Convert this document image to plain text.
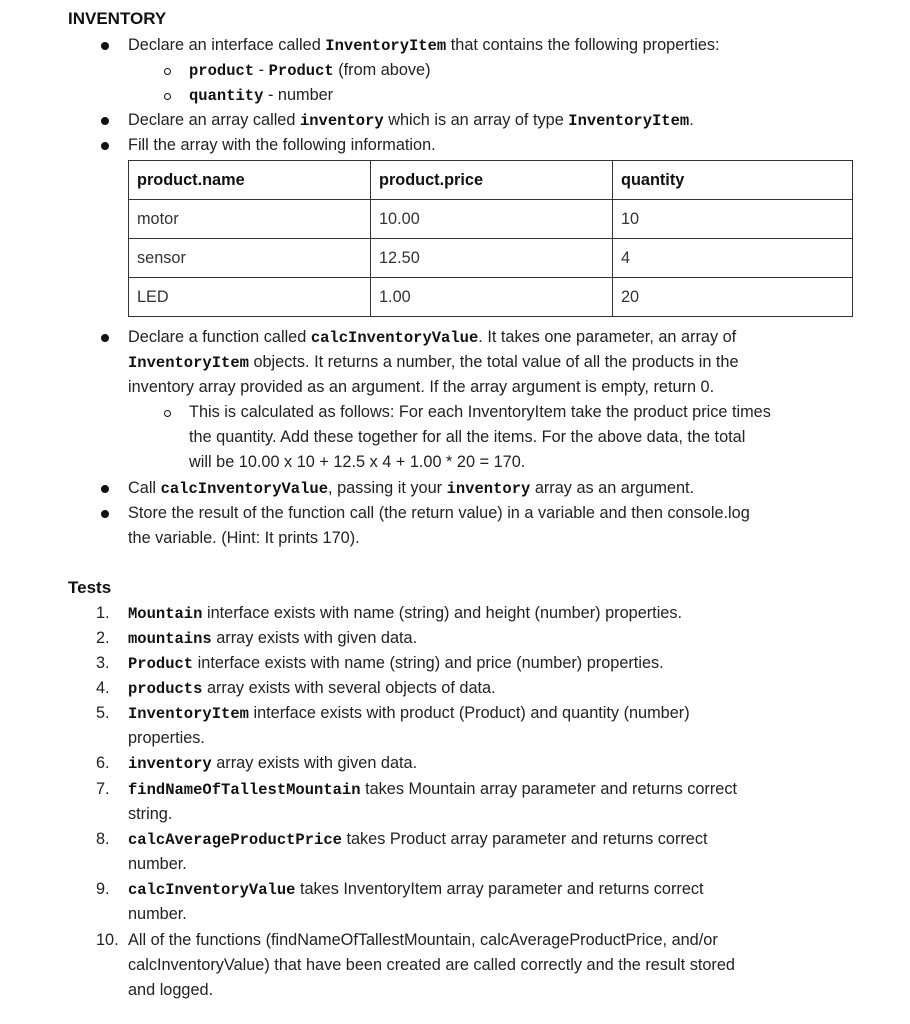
INVENTORY
Declare an interface called InventoryItem that contains the following properties:
product - Product (from above)
quantity - number
Declare an array called inventory which is an array of type InventoryItem.
Fill the array with the following information.
Declare a function called calcInventoryValue. It takes one parameter, an array of
InventoryItem objects. It returns a number, the total value of all the products in the
inventory array provided as an argument. If the array argument is empty, return 0.
This is calculated as follows: For each InventoryItem take the product price times
the quantity. Add these together for all the items. For the above data, the total
will be 10.00 x 10 + 12.5 x 4 + 1.00 * 20 = 170.
Call calcInventoryValue, passing it your inventory array as an argument.
Store the result of the function call (the return value) in a variable and then console.log
the variable. (Hint: It prints 170).
1. Mountain interface exists with name (string) and height (number) properties.
2. mountains array exists with given data.
3. Product interface exists with name (string) and price (number) properties.
4. products array exists with several objects of data.
5. InventoryItem interface exists with product (Product) and quantity (number)
properties.
6. inventory array exists with given data.
7. findNameOfTallestMountain takes Mountain array parameter and returns correct
string.
8. calcAverageProductPrice takes Product array parameter and returns correct
number.
9. calcInventoryValue takes InventoryItem array parameter and returns correct
number.
10. All of the functions (findNameOfTallestMountain, calcAverageProductPrice, and/or
calcInventoryValue) that have been created are called correctly and the result stored
and logged.
product.name	product.price	quantity
motor	10.00	10
sensor	12.50	4
LED	1.00	20
Tests
